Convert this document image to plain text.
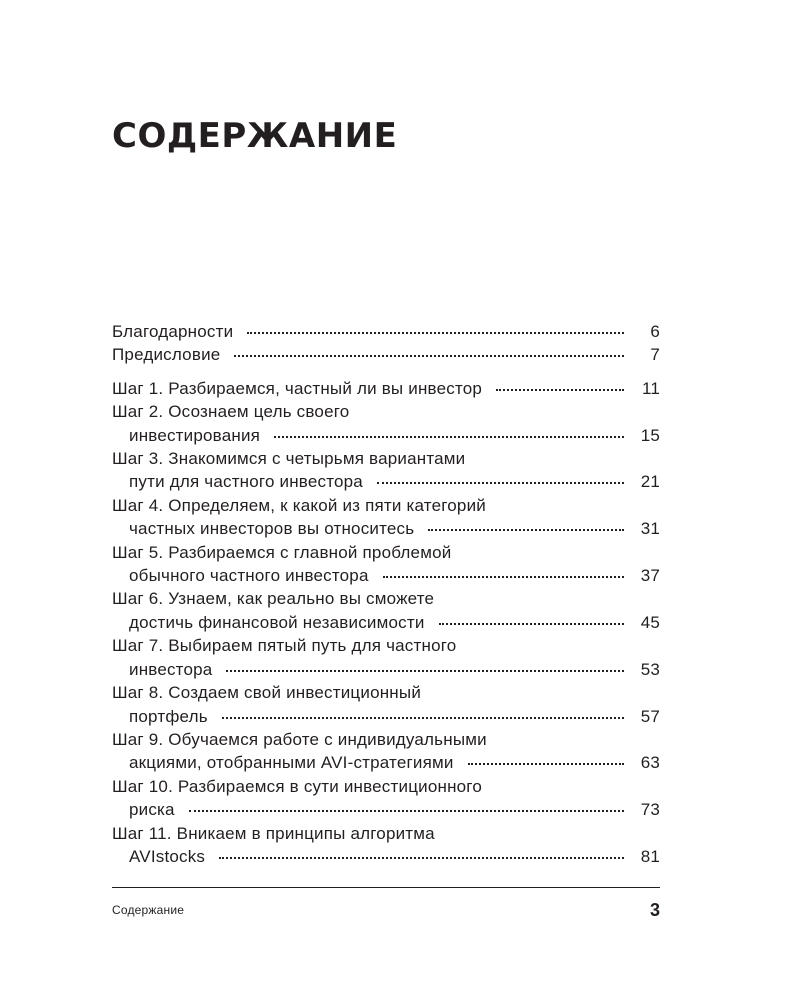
СОДЕРЖАНИЕ
Благодарности	6
Предисловие	7
Шаг 1. Разбираемся, частный ли вы инвестор	11
Шаг 2. Осознаем цель своего
инвестирования	15
Шаг 3. Знакомимся с четырьмя вариантами
пути для частного инвестора	21
Шаг 4. Определяем, к какой из пяти категорий
частных инвесторов вы относитесь	31
Шаг 5. Разбираемся с главной проблемой
обычного частного инвестора	37
Шаг 6. Узнаем, как реально вы сможете
достичь финансовой независимости	45
Шаг 7. Выбираем пятый путь для частного
инвестора	53
Шаг 8. Создаем свой инвестиционный
портфель	57
Шаг 9. Обучаемся работе с индивидуальными
акциями, отобранными AVI-стратегиями	63
Шаг 10. Разбираемся в сути инвестиционного
риска	73
Шаг 11. Вникаем в принципы алгоритма
AVIstocks	81
Содержание	3
